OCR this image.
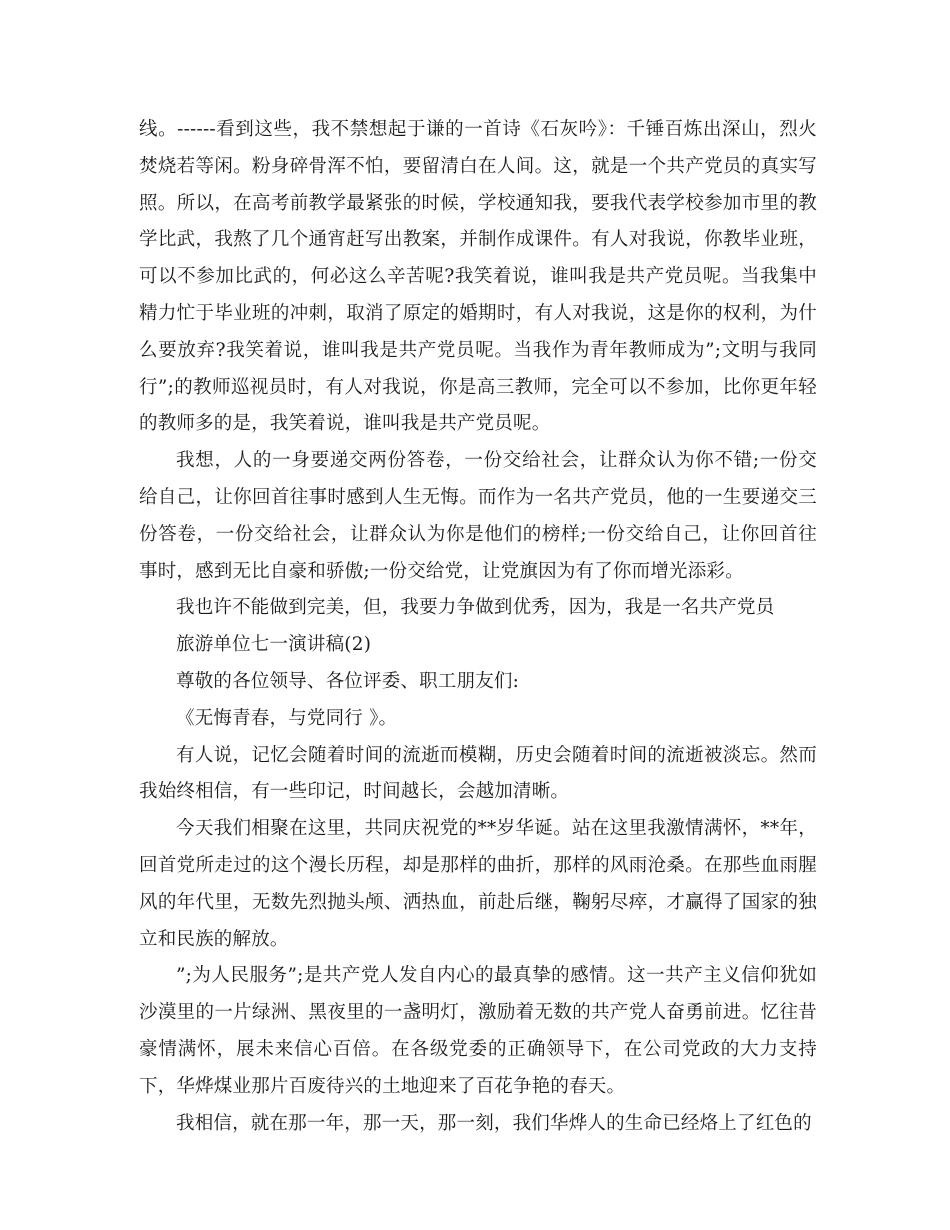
线。------看到这些，我不禁想起于谦的一首诗《石灰吟》：千锤百炼出深山，烈火焚烧若等闲。粉身碎骨浑不怕，要留清白在人间。这，就是一个共产党员的真实写照。所以，在高考前教学最紧张的时候，学校通知我，要我代表学校参加市里的教学比武，我熬了几个通宵赶写出教案，并制作成课件。有人对我说，你教毕业班，可以不参加比武的，何必这么辛苦呢?我笑着说，谁叫我是共产党员呢。当我集中精力忙于毕业班的冲刺，取消了原定的婚期时，有人对我说，这是你的权利，为什么要放弃?我笑着说，谁叫我是共产党员呢。当我作为青年教师成为”;文明与我同行”;的教师巡视员时，有人对我说，你是高三教师，完全可以不参加，比你更年轻的教师多的是，我笑着说，谁叫我是共产党员呢。

我想，人的一身要递交两份答卷，一份交给社会，让群众认为你不错;一份交给自己，让你回首往事时感到人生无悔。而作为一名共产党员，他的一生要递交三份答卷，一份交给社会，让群众认为你是他们的榜样;一份交给自己，让你回首往事时，感到无比自豪和骄傲;一份交给党，让党旗因为有了你而增光添彩。

我也许不能做到完美，但，我要力争做到优秀，因为，我是一名共产党员

旅游单位七一演讲稿(2)

尊敬的各位领导、各位评委、职工朋友们:

《无悔青春，与党同行 》。

有人说，记忆会随着时间的流逝而模糊，历史会随着时间的流逝被淡忘。然而我始终相信，有一些印记，时间越长，会越加清晰。

今天我们相聚在这里，共同庆祝党的**岁华诞。站在这里我激情满怀，**年，回首党所走过的这个漫长历程，却是那样的曲折，那样的风雨沧桑。在那些血雨腥风的年代里，无数先烈抛头颅、洒热血，前赴后继，鞠躬尽瘁，才赢得了国家的独立和民族的解放。

”;为人民服务”;是共产党人发自内心的最真挚的感情。这一共产主义信仰犹如沙漠里的一片绿洲、黑夜里的一盏明灯，激励着无数的共产党人奋勇前进。忆往昔豪情满怀，展未来信心百倍。在各级党委的正确领导下，在公司党政的大力支持下，华烨煤业那片百废待兴的土地迎来了百花争艳的春天。

我相信，就在那一年，那一天，那一刻，我们华烨人的生命已经烙上了红色的
